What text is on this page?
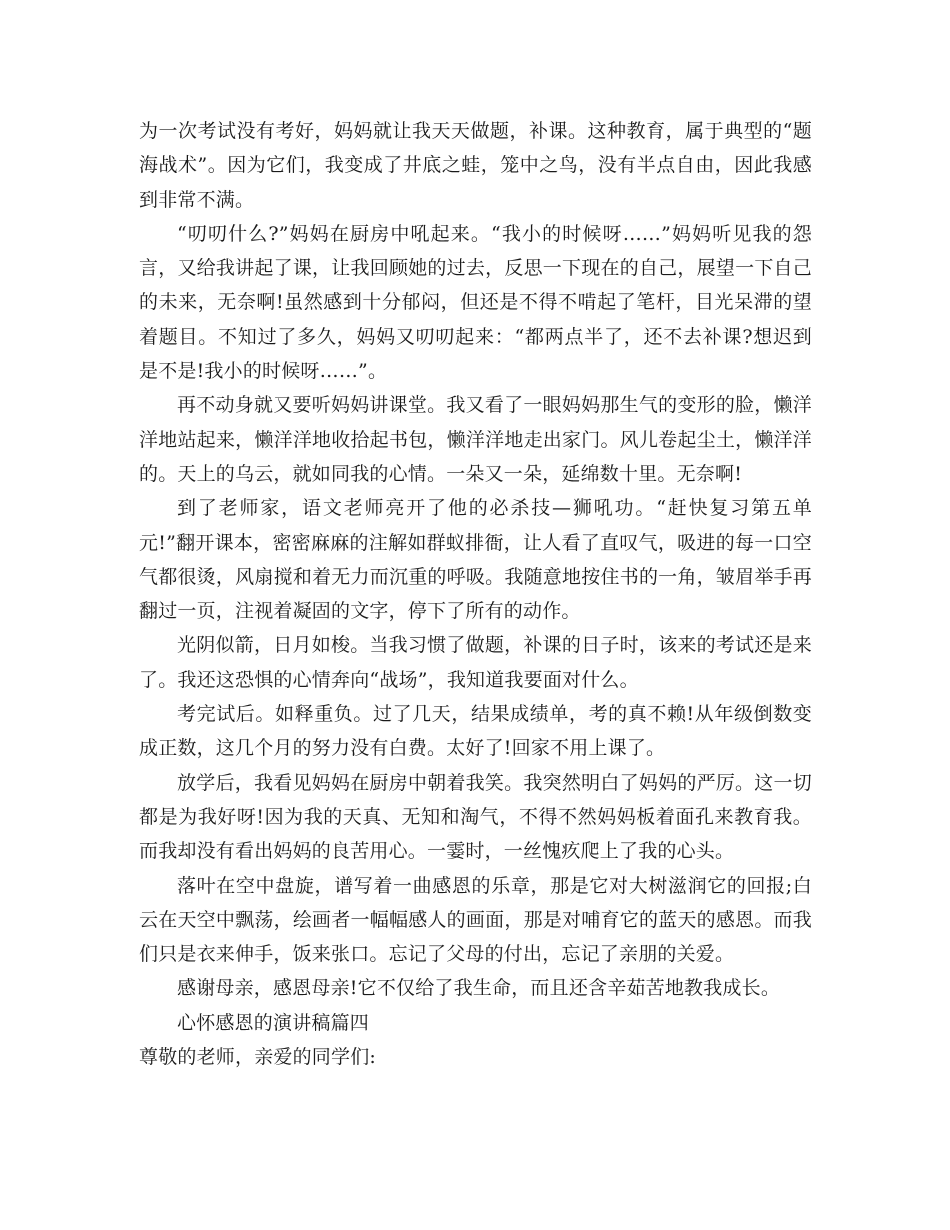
为一次考试没有考好，妈妈就让我天天做题，补课。这种教育，属于典型的“题海战术”。因为它们，我变成了井底之蛙，笼中之鸟，没有半点自由，因此我感到非常不满。

“叨叨什么?”妈妈在厨房中吼起来。“我小的时候呀……”妈妈听见我的怨言，又给我讲起了课，让我回顾她的过去，反思一下现在的自己，展望一下自己的未来，无奈啊!虽然感到十分郁闷，但还是不得不啃起了笔杆，目光呆滞的望着题目。不知过了多久，妈妈又叨叨起来：“都两点半了，还不去补课?想迟到是不是!我小的时候呀……”。

再不动身就又要听妈妈讲课堂。我又看了一眼妈妈那生气的变形的脸，懒洋洋地站起来，懒洋洋地收拾起书包，懒洋洋地走出家门。风儿卷起尘土，懒洋洋的。天上的乌云，就如同我的心情。一朵又一朵，延绵数十里。无奈啊!

到了老师家，语文老师亮开了他的必杀技—狮吼功。“赶快复习第五单元!”翻开课本，密密麻麻的注解如群蚁排衙，让人看了直叹气，吸进的每一口空气都很烫，风扇搅和着无力而沉重的呼吸。我随意地按住书的一角，皱眉举手再翻过一页，注视着凝固的文字，停下了所有的动作。

光阴似箭，日月如梭。当我习惯了做题，补课的日子时，该来的考试还是来了。我还这恐惧的心情奔向“战场”，我知道我要面对什么。

考完试后。如释重负。过了几天，结果成绩单，考的真不赖!从年级倒数变成正数，这几个月的努力没有白费。太好了!回家不用上课了。

放学后，我看见妈妈在厨房中朝着我笑。我突然明白了妈妈的严厉。这一切都是为我好呀!因为我的天真、无知和淘气，不得不然妈妈板着面孔来教育我。而我却没有看出妈妈的良苦用心。一霎时，一丝愧疚爬上了我的心头。

落叶在空中盘旋，谱写着一曲感恩的乐章，那是它对大树滋润它的回报;白云在天空中飘荡，绘画者一幅幅感人的画面，那是对哺育它的蓝天的感恩。而我们只是衣来伸手，饭来张口。忘记了父母的付出，忘记了亲朋的关爱。

感谢母亲，感恩母亲!它不仅给了我生命，而且还含辛茹苦地教我成长。

心怀感恩的演讲稿篇四

尊敬的老师，亲爱的同学们:
